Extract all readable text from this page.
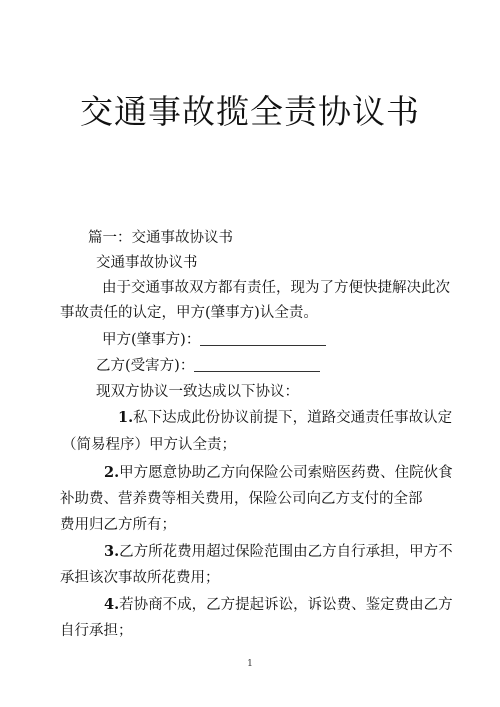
交通事故揽全责协议书
篇一：交通事故协议书
交通事故协议书
由于交通事故双方都有责任，现为了方便快捷解决此次
事故责任的认定，甲方(肇事方)认全责。
甲方(肇事方)：
乙方(受害方)：
现双方协议一致达成以下协议：
1.私下达成此份协议前提下，道路交通责任事故认定
（简易程序）甲方认全责；
2.甲方愿意协助乙方向保险公司索赔医药费、住院伙食
补助费、营养费等相关费用，保险公司向乙方支付的全部
费用归乙方所有；
3.乙方所花费用超过保险范围由乙方自行承担，甲方不
承担该次事故所花费用；
4.若协商不成，乙方提起诉讼，诉讼费、鉴定费由乙方
自行承担；
1
